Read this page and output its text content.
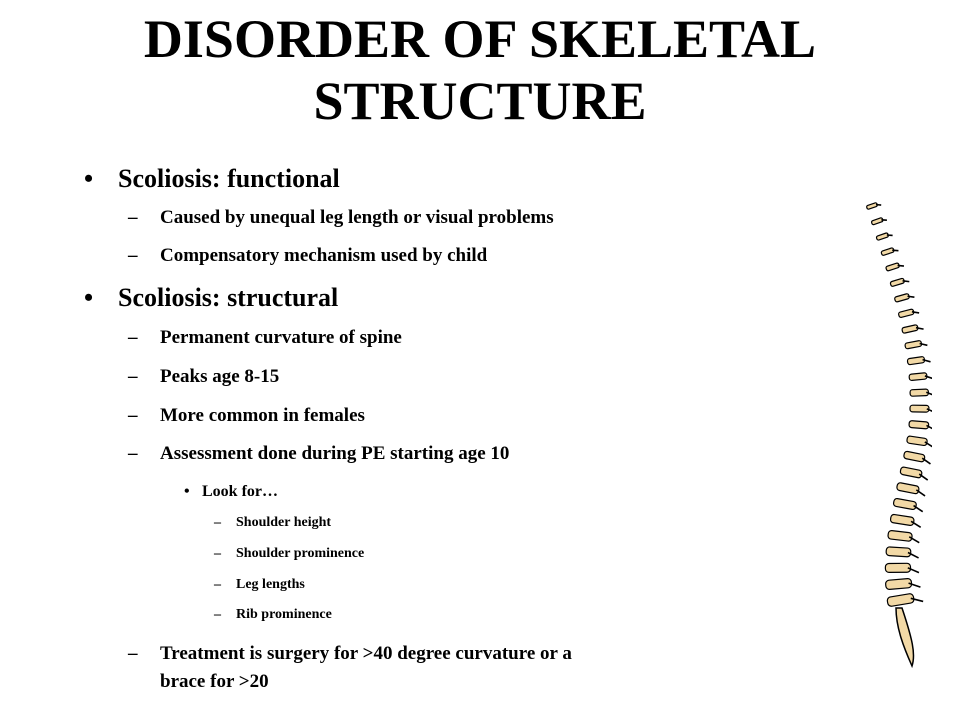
DISORDER OF SKELETAL
STRUCTURE
• Scoliosis: functional
– Caused by unequal leg length or visual problems
– Compensatory mechanism used by child
• Scoliosis: structural
– Permanent curvature of spine
– Peaks age 8-15
– More common in females
– Assessment done during PE starting age 10
• Look for…
– Shoulder height
– Shoulder prominence
– Leg lengths
– Rib prominence
– Treatment is surgery for >40 degree curvature or a
brace for >20
